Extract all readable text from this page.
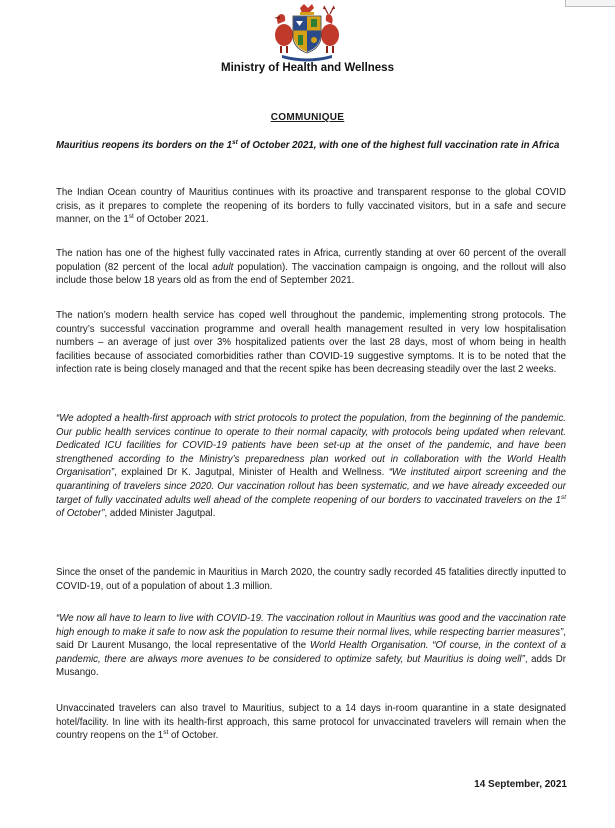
Ministry of Health and Wellness
COMMUNIQUE

Mauritius reopens its borders on the 1st of October 2021, with one of the highest full vaccination rate in Africa

The Indian Ocean country of Mauritius continues with its proactive and transparent response to the global COVID crisis, as it prepares to complete the reopening of its borders to fully vaccinated visitors, but in a safe and secure manner, on the 1st of October 2021.

The nation has one of the highest fully vaccinated rates in Africa, currently standing at over 60 percent of the overall population (82 percent of the local adult population). The vaccination campaign is ongoing, and the rollout will also include those below 18 years old as from the end of September 2021.

The nation’s modern health service has coped well throughout the pandemic, implementing strong protocols. The country’s successful vaccination programme and overall health management resulted in very low hospitalisation numbers – an average of just over 3% hospitalized patients over the last 28 days, most of whom being in health facilities because of associated comorbidities rather than COVID-19 suggestive symptoms. It is to be noted that the infection rate is being closely managed and that the recent spike has been decreasing steadily over the last 2 weeks.

“We adopted a health-first approach with strict protocols to protect the population, from the beginning of the pandemic. Our public health services continue to operate to their normal capacity, with protocols being updated when relevant. Dedicated ICU facilities for COVID-19 patients have been set-up at the onset of the pandemic, and have been strengthened according to the Ministry’s preparedness plan worked out in collaboration with the World Health Organisation”, explained Dr K. Jagutpal, Minister of Health and Wellness. “We instituted airport screening and the quarantining of travelers since 2020. Our vaccination rollout has been systematic, and we have already exceeded our target of fully vaccinated adults well ahead of the complete reopening of our borders to vaccinated travelers on the 1st of October”, added Minister Jagutpal.

Since the onset of the pandemic in Mauritius in March 2020, the country sadly recorded 45 fatalities directly inputted to COVID-19, out of a population of about 1.3 million.

“We now all have to learn to live with COVID-19. The vaccination rollout in Mauritius was good and the vaccination rate high enough to make it safe to now ask the population to resume their normal lives, while respecting barrier measures”, said Dr Laurent Musango, the local representative of the World Health Organisation. “Of course, in the context of a pandemic, there are always more avenues to be considered to optimize safety, but Mauritius is doing well”, adds Dr Musango.

Unvaccinated travelers can also travel to Mauritius, subject to a 14 days in-room quarantine in a state designated hotel/facility. In line with its health-first approach, this same protocol for unvaccinated travelers will remain when the country reopens on the 1st of October.

14 September, 2021
